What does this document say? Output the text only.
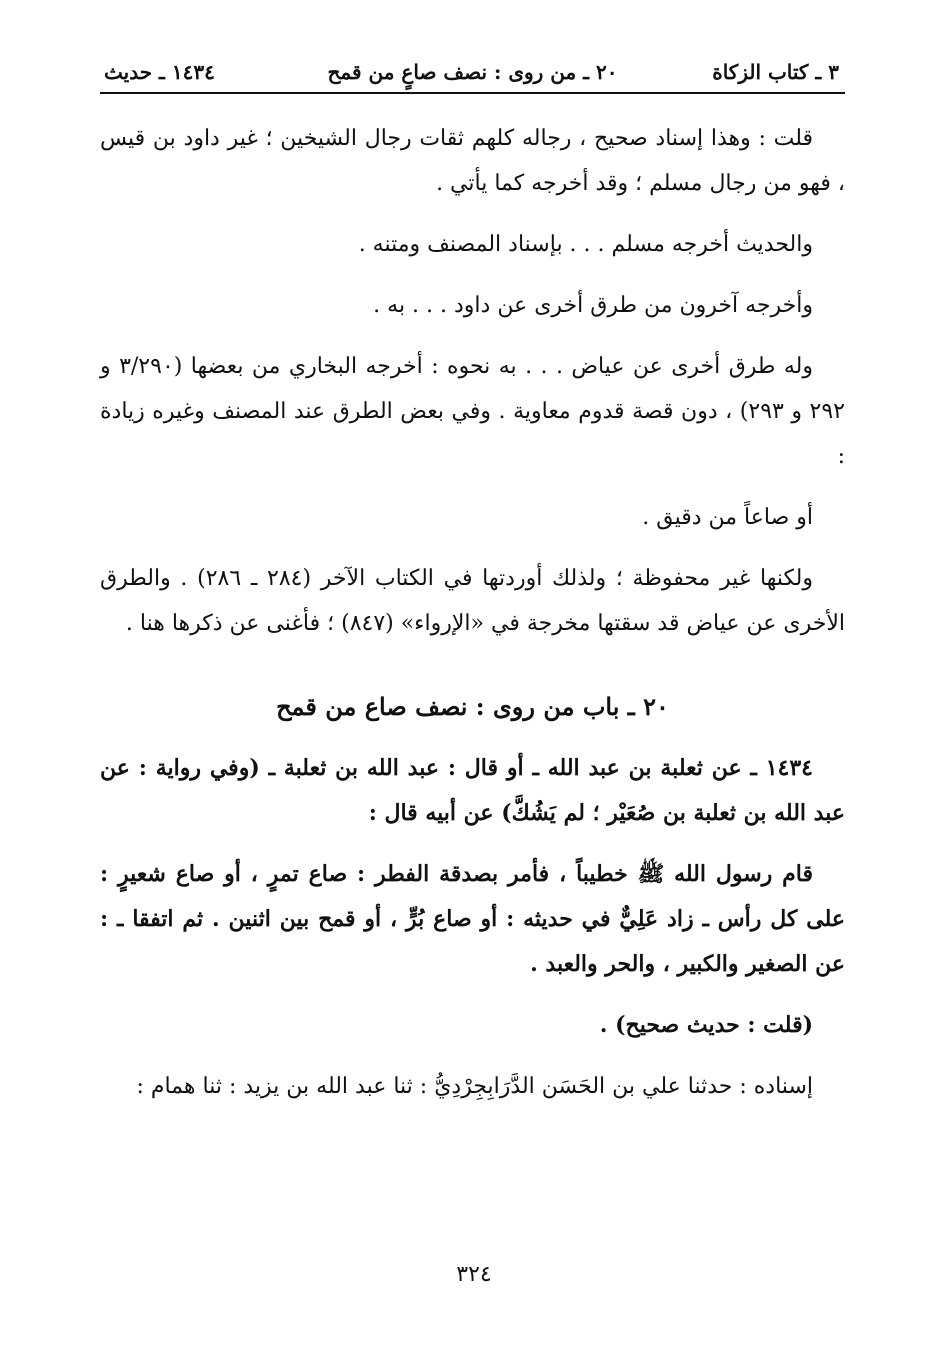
٣ ـ كتاب الزكاة
٢٠ ـ من روى : نصف صاعٍ من قمح
١٤٣٤ ـ حديث

قلت : وهذا إسناد صحيح ، رجاله كلهم ثقات رجال الشيخين ؛ غير داود بن قيس ، فهو من رجال مسلم ؛ وقد أخرجه كما يأتي .

والحديث أخرجه مسلم . . . بإسناد المصنف ومتنه .

وأخرجه آخرون من طرق أخرى عن داود . . . به .

وله طرق أخرى عن عياض . . . به نحوه : أخرجه البخاري من بعضها (٣/٢٩٠ و ٢٩٢ و ٢٩٣) ، دون قصة قدوم معاوية . وفي بعض الطرق عند المصنف وغيره زيادة :

أو صاعاً من دقيق .

ولكنها غير محفوظة ؛ ولذلك أوردتها في الكتاب الآخر (٢٨٤ ـ ٢٨٦) . والطرق الأخرى عن عياض قد سقتها مخرجة في «الإرواء» (٨٤٧) ؛ فأغنى عن ذكرها هنا .

٢٠ ـ باب من روى : نصف صاع من قمح

١٤٣٤ ـ عن ثعلبة بن عبد الله ـ أو قال : عبد الله بن ثعلبة ـ (وفي رواية : عن عبد الله بن ثعلبة بن صُعَيْر ؛ لم يَشُكَّ) عن أبيه قال :

قام رسول الله ﷺ خطيباً ، فأمر بصدقة الفطر : صاع تمرٍ ، أو صاع شعيرٍ : على كل رأس ـ زاد عَلِيٌّ في حديثه : أو صاع بُرٍّ ، أو قمح بين اثنين . ثم اتفقا ـ : عن الصغير والكبير ، والحر والعبد .

(قلت : حديث صحيح) .

إسناده : حدثنا علي بن الحَسَن الدَّرَابِجِرْدِيُّ : ثنا عبد الله بن يزيد : ثنا همام :

٣٢٤
